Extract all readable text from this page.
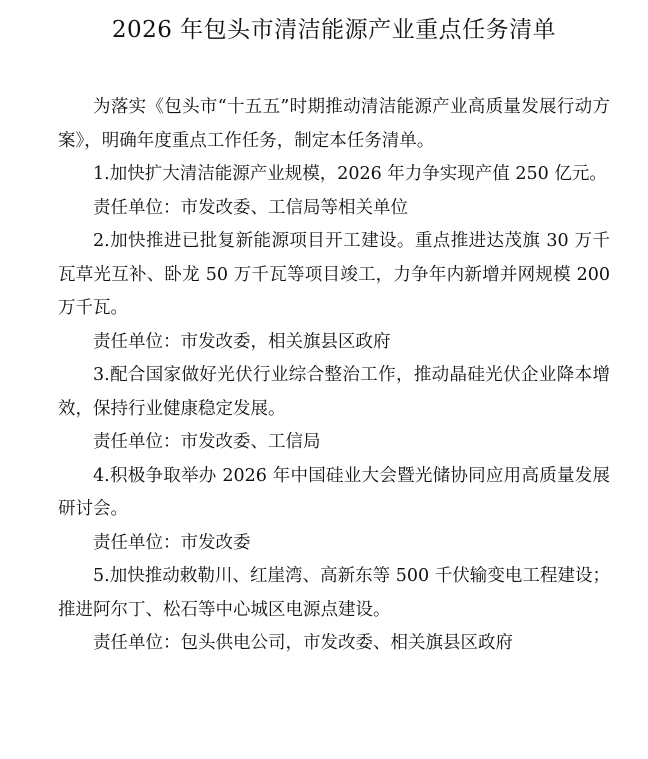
2026 年包头市清洁能源产业重点任务清单

为落实《包头市“十五五”时期推动清洁能源产业高质量发展行动方案》，明确年度重点工作任务，制定本任务清单。

1.加快扩大清洁能源产业规模，2026 年力争实现产值 250 亿元。

责任单位：市发改委、工信局等相关单位

2.加快推进已批复新能源项目开工建设。重点推进达茂旗 30 万千瓦草光互补、卧龙 50 万千瓦等项目竣工，力争年内新增并网规模 200 万千瓦。

责任单位：市发改委，相关旗县区政府

3.配合国家做好光伏行业综合整治工作，推动晶硅光伏企业降本增效，保持行业健康稳定发展。

责任单位：市发改委、工信局

4.积极争取举办 2026 年中国硅业大会暨光储协同应用高质量发展研讨会。

责任单位：市发改委

5.加快推动敕勒川、红崖湾、高新东等 500 千伏输变电工程建设；推进阿尔丁、松石等中心城区电源点建设。

责任单位：包头供电公司，市发改委、相关旗县区政府
